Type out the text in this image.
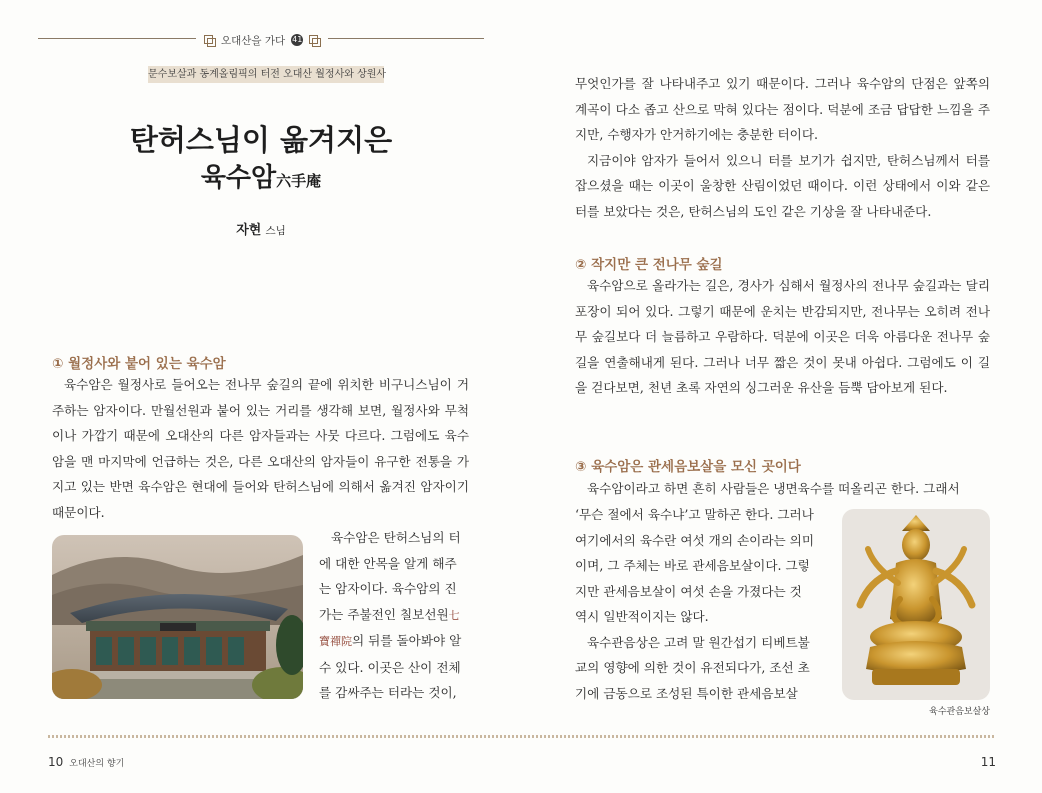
오대산을 가다 41
문수보살과 동계올림픽의 터전 오대산 월정사와 상원사
탄허스님이 옮겨지은
육수암六手庵
자현 스님
① 월정사와 붙어 있는 육수암

육수암은 월정사로 들어오는 전나무 숲길의 끝에 위치한 비구니스님이 거주하는 암자이다. 만월선원과 붙어 있는 거리를 생각해 보면, 월정사와 무척이나 가깝기 때문에 오대산의 다른 암자들과는 사뭇 다르다. 그럼에도 육수암을 맨 마지막에 언급하는 것은, 다른 오대산의 암자들이 유구한 전통을 가지고 있는 반면 육수암은 현대에 들어와 탄허스님에 의해서 옮겨진 암자이기 때문이다.

육수암은 탄허스님의 터

에 대한 안목을 알게 해주

는 암자이다. 육수암의 진

가는 주불전인 칠보선원七

寶禪院의 뒤를 돌아봐야 알

수 있다. 이곳은 산이 전체

를 감싸주는 터라는 것이,

무엇인가를 잘 나타내주고 있기 때문이다. 그러나 육수암의 단점은 앞쪽의 계곡이 다소 좁고 산으로 막혀 있다는 점이다. 덕분에 조금 답답한 느낌을 주지만, 수행자가 안거하기에는 충분한 터이다.

지금이야 암자가 들어서 있으니 터를 보기가 쉽지만, 탄허스님께서 터를 잡으셨을 때는 이곳이 울창한 산림이었던 때이다. 이런 상태에서 이와 같은 터를 보았다는 것은, 탄허스님의 도인 같은 기상을 잘 나타내준다.

② 작지만 큰 전나무 숲길

육수암으로 올라가는 길은, 경사가 심해서 월정사의 전나무 숲길과는 달리 포장이 되어 있다. 그렇기 때문에 운치는 반감되지만, 전나무는 오히려 전나무 숲길보다 더 늘름하고 우람하다. 덕분에 이곳은 더욱 아름다운 전나무 숲길을 연출해내게 된다. 그러나 너무 짧은 것이 못내 아쉽다. 그럼에도 이 길을 걷다보면, 천년 초록 자연의 싱그러운 유산을 듬뿍 담아보게 된다.

③ 육수암은 관세음보살을 모신 곳이다

육수암이라고 하면 흔히 사람들은 냉면육수를 떠올리곤 한다. 그래서

‘무슨 절에서 육수냐’고 말하곤 한다. 그러나

여기에서의 육수란 여섯 개의 손이라는 의미

이며, 그 주체는 바로 관세음보살이다. 그렇

지만 관세음보살이 여섯 손을 가졌다는 것

역시 일반적이지는 않다.

육수관음상은 고려 말 원간섭기 티베트불

교의 영향에 의한 것이 유전되다가, 조선 초

기에 금동으로 조성된 특이한 관세음보살

육수관음보살상
10 오대산의 향기	11
